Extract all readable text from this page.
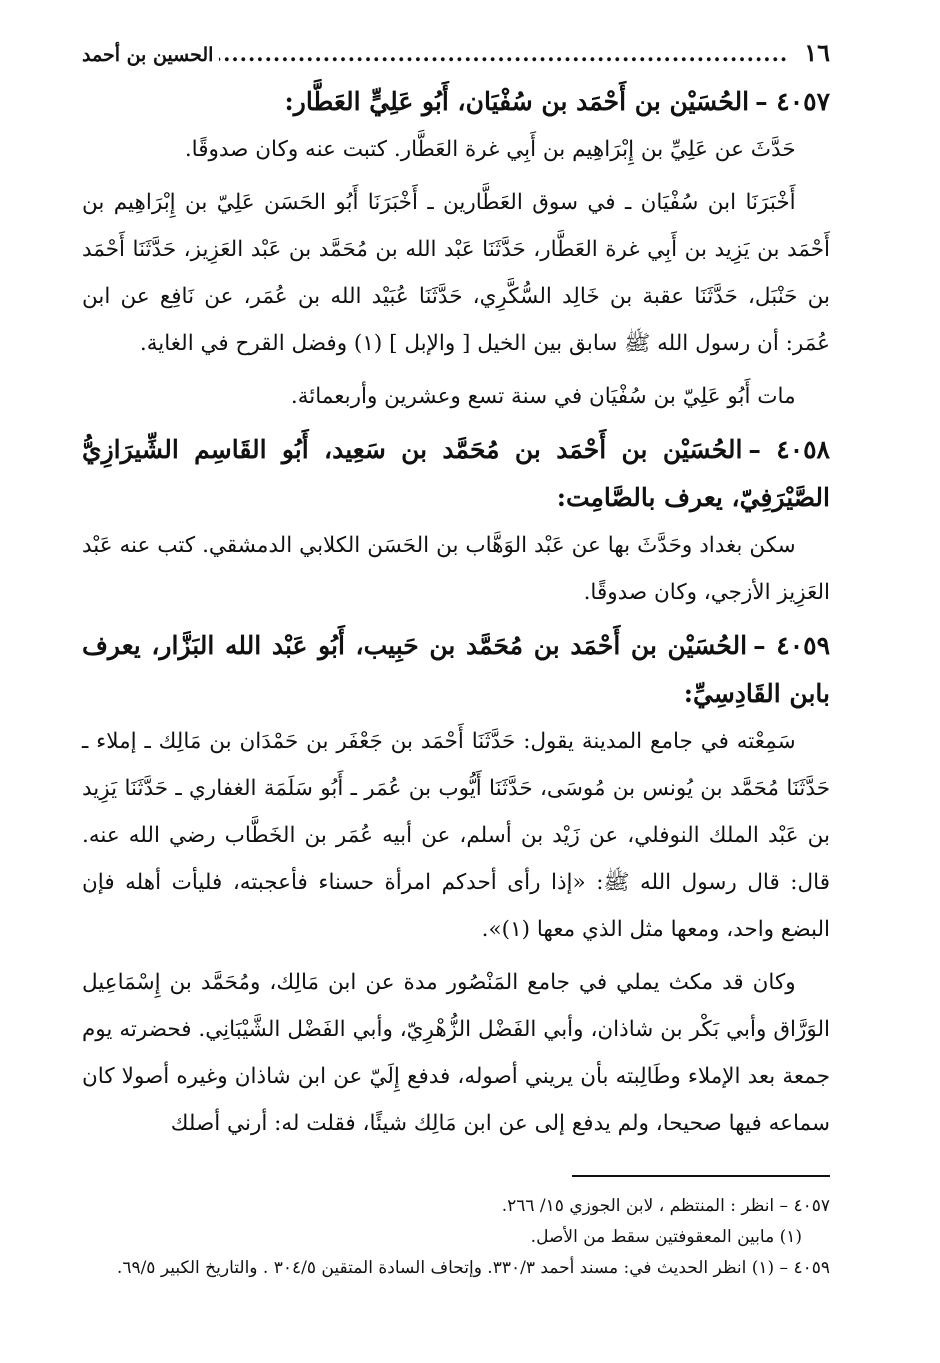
١٦
.....
الحسين بن أحمد

٤٠٥٧ –الحُسَيْن بن أَحْمَد بن سُفْيَان، أَبُو عَلِيٍّ العَطَّار:

حَدَّثَ عن عَلِيِّ بن إِبْرَاهِيم بن أَبِي غرة العَطَّار. كتبت عنه وكان صدوقًا.

أَخْبَرَنَا ابن سُفْيَان ـ في سوق العَطَّارين ـ أَخْبَرَنَا أَبُو الحَسَن عَلِيّ بن إِبْرَاهِيم بن أَحْمَد بن يَزِيد بن أَبِي غرة العَطَّار، حَدَّثَنَا عَبْد الله بن مُحَمَّد بن عَبْد العَزِيز، حَدَّثَنَا أَحْمَد بن حَنْبَل، حَدَّثَنَا عقبة بن خَالِد السُّكَّرِي، حَدَّثَنَا عُبَيْد الله بن عُمَر، عن نَافِع عن ابن عُمَر: أن رسول الله ﷺ سابق بين الخيل [ والإبل ] (١) وفضل القرح في الغاية.

مات أَبُو عَلِيّ بن سُفْيَان في سنة تسع وعشرين وأربعمائة.

٤٠٥٨ –الحُسَيْن بن أَحْمَد بن مُحَمَّد بن سَعِيد، أَبُو القَاسِم الشِّيرَازِيُّ الصَّيْرَفِيّ، يعرف بالصَّامِت:

سكن بغداد وحَدَّثَ بها عن عَبْد الوَهَّاب بن الحَسَن الكلابي الدمشقي. كتب عنه عَبْد العَزِيز الأزجي، وكان صدوقًا.

٤٠٥٩ –الحُسَيْن بن أَحْمَد بن مُحَمَّد بن حَبِيب، أَبُو عَبْد الله البَزَّار، يعرف بابن القَادِسِيِّ:

سَمِعْته في جامع المدينة يقول: حَدَّثَنَا أَحْمَد بن جَعْفَر بن حَمْدَان بن مَالِك ـ إملاء ـ حَدَّثَنَا مُحَمَّد بن يُونس بن مُوسَى، حَدَّثَنَا أَيُّوب بن عُمَر ـ أَبُو سَلَمَة الغفاري ـ حَدَّثَنَا يَزِيد بن عَبْد الملك النوفلي، عن زَيْد بن أسلم، عن أبيه عُمَر بن الخَطَّاب رضي الله عنه. قال: قال رسول الله ﷺ: «إذا رأى أحدكم امرأة حسناء فأعجبته، فليأت أهله فإن البضع واحد، ومعها مثل الذي معها (١)».

وكان قد مكث يملي في جامع المَنْصُور مدة عن ابن مَالِك، ومُحَمَّد بن إِسْمَاعِيل الوَرَّاق وأبي بَكْر بن شاذان، وأبي الفَضْل الزُّهْرِيّ، وأبي الفَضْل الشَّيْبَانِي. فحضرته يوم جمعة بعد الإملاء وطَالِبته بأن يريني أصوله، فدفع إِلَيّ عن ابن شاذان وغيره أصولا كان سماعه فيها صحيحا، ولم يدفع إلى عن ابن مَالِك شيئًا، فقلت له: أرني أصلك

٤٠٥٧ – انظر : المنتظم ، لابن الجوزي ١٥/ ٢٦٦.

(١) مابين المعقوفتين سقط من الأصل.

٤٠٥٩ – (١) انظر الحديث في: مسند أحمد ٣٣٠/٣. وإتحاف السادة المتقين ٣٠٤/٥ . والتاريخ الكبير ٦٩/٥.
